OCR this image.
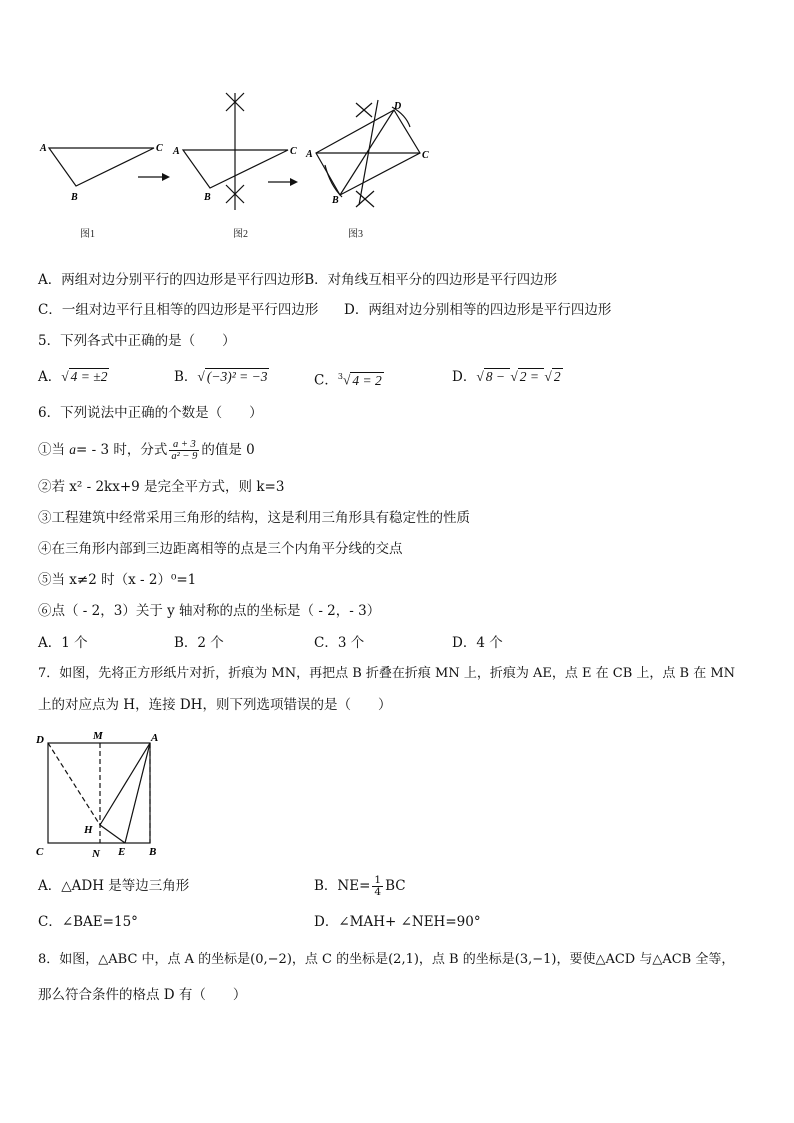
A	C
B
A	C
B
A	C
D
B
图1	图2	图3
A．两组对边分别平行的四边形是平行四边形B．对角线互相平分的四边形是平行四边形
C．一组对边平行且相等的四边形是平行四边形 D．两组对边分别相等的四边形是平行四边形
5．下列各式中正确的是（　　）
A．√ 4 = ±2	B．√ (−3)² = −3	C．$^3$√ 4 = 2	D．√ 8 − √ 2 = √ 2
6．下列说法中正确的个数是（　　）
①当 a= - 3 时，分式 $\frac{a + 3}{\text{a² − 9}}$ 的值是 0
②若 x² - 2kx+9 是完全平方式，则 k=3
③工程建筑中经常采用三角形的结构，这是利用三角形具有稳定性的性质
④在三角形内部到三边距离相等的点是三个内角平分线的交点
⑤当 x≠2 时（x - 2）⁰=1
⑥点（ - 2，3）关于 y 轴对称的点的坐标是（ - 2，- 3）
A．1 个	B．2 个	C．3 个	D．4 个
7．如图，先将正方形纸片对折，折痕为 MN，再把点 B 折叠在折痕 MN 上，折痕为 AE，点 E 在 CB 上，点 B 在 MN
上的对应点为 H，连接 DH，则下列选项错误的是（　　）
D	M	A
H
C	N E B
A．△ADH 是等边三角形	B．$NE= \frac{1}{4}$ BC
C．∠BAE=15°	D．∠MAH+ ∠NEH=90°
8．如图，△ABC 中，点 A 的坐标是(0,−2)，点 C 的坐标是(2,1)，点 B 的坐标是(3,−1)，要使△ACD 与△ACB 全等，
那么符合条件的格点 D 有（　　）
